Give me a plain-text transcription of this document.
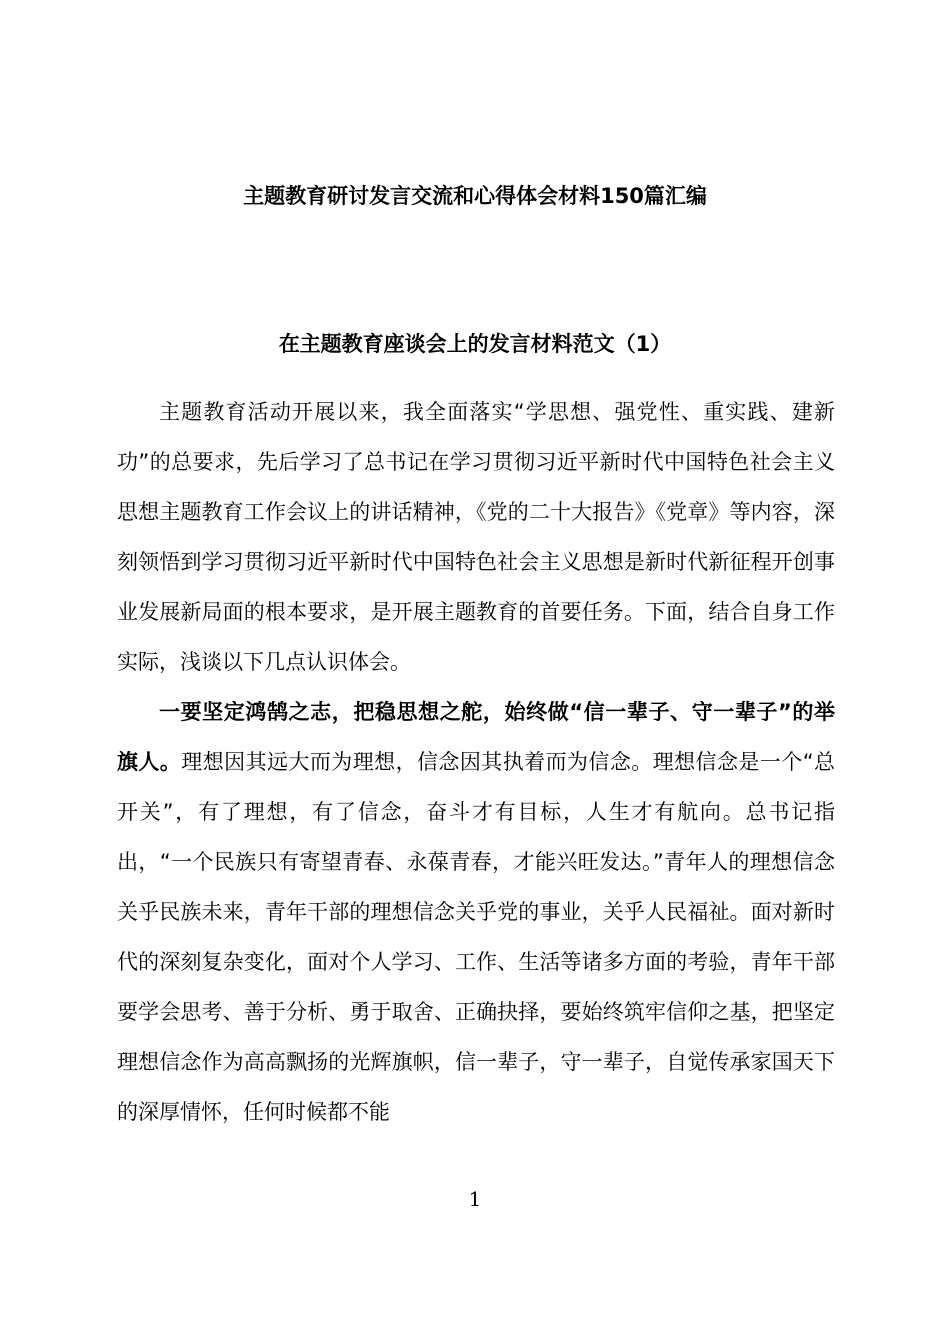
主题教育研讨发言交流和心得体会材料150篇汇编
在主题教育座谈会上的发言材料范文（1）

主题教育活动开展以来，我全面落实“学思想、强党性、重实践、建新功”的总要求，先后学习了总书记在学习贯彻习近平新时代中国特色社会主义思想主题教育工作会议上的讲话精神，《党的二十大报告》《党章》等内容，深刻领悟到学习贯彻习近平新时代中国特色社会主义思想是新时代新征程开创事业发展新局面的根本要求，是开展主题教育的首要任务。下面，结合自身工作实际，浅谈以下几点认识体会。

一要坚定鸿鹄之志，把稳思想之舵，始终做“信一辈子、守一辈子”的举旗人。理想因其远大而为理想，信念因其执着而为信念。理想信念是一个“总开关”，有了理想，有了信念，奋斗才有目标，人生才有航向。总书记指出，“一个民族只有寄望青春、永葆青春，才能兴旺发达。”青年人的理想信念关乎民族未来，青年干部的理想信念关乎党的事业，关乎人民福祉。面对新时代的深刻复杂变化，面对个人学习、工作、生活等诸多方面的考验，青年干部要学会思考、善于分析、勇于取舍、正确抉择，要始终筑牢信仰之基，把坚定理想信念作为高高飘扬的光辉旗帜，信一辈子，守一辈子，自觉传承家国天下的深厚情怀，任何时候都不能

1
